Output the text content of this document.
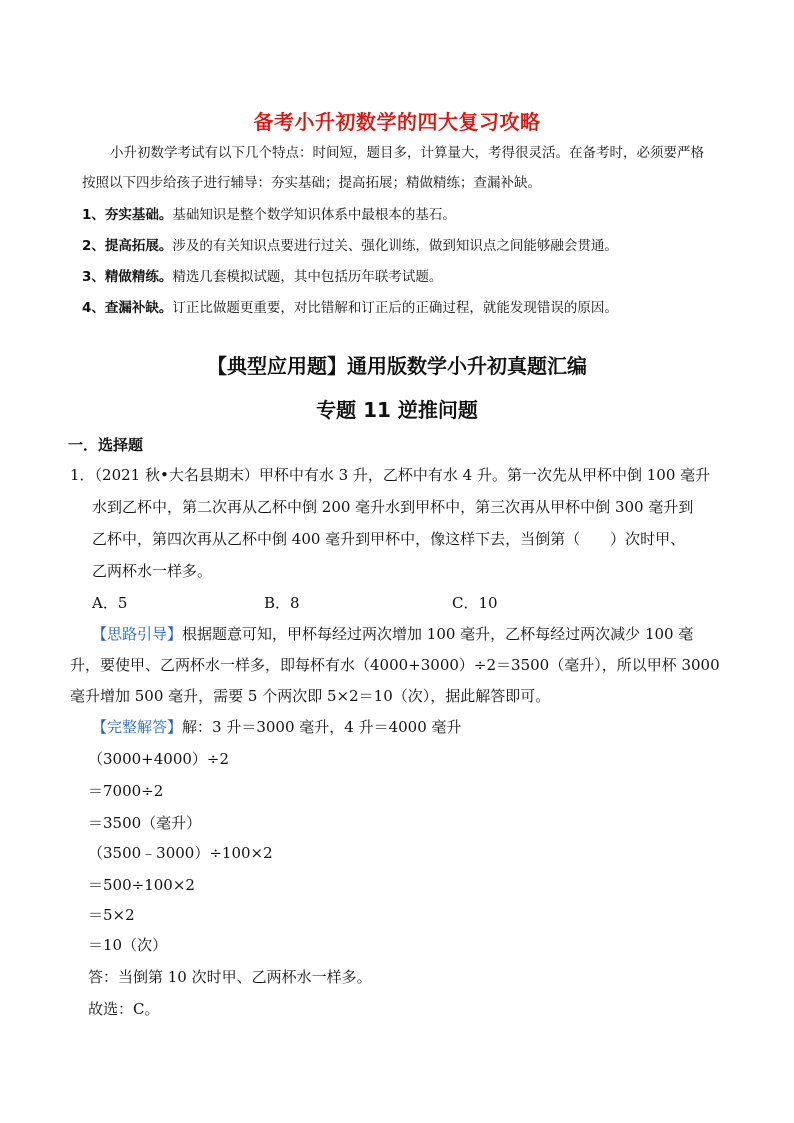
备考小升初数学的四大复习攻略
小升初数学考试有以下几个特点：时间短，题目多，计算量大，考得很灵活。在备考时，必须要严格
按照以下四步给孩子进行辅导：夯实基础；提高拓展；精做精练；查漏补缺。
1、夯实基础。基础知识是整个数学知识体系中最根本的基石。
2、提高拓展。涉及的有关知识点要进行过关、强化训练，做到知识点之间能够融会贯通。
3、精做精练。精选几套模拟试题，其中包括历年联考试题。
4、查漏补缺。订正比做题更重要，对比错解和订正后的正确过程，就能发现错误的原因。
【典型应用题】通用版数学小升初真题汇编
专题 11 逆推问题
一．选择题
1．（2021 秋•大名县期末）甲杯中有水 3 升，乙杯中有水 4 升。第一次先从甲杯中倒 100 毫升
水到乙杯中，第二次再从乙杯中倒 200 毫升水到甲杯中，第三次再从甲杯中倒 300 毫升到
乙杯中，第四次再从乙杯中倒 400 毫升到甲杯中，像这样下去，当倒第（　　）次时甲、
乙两杯水一样多。
A．5	B．8	C．10
【思路引导】根据题意可知，甲杯每经过两次增加 100 毫升，乙杯每经过两次减少 100 毫
升，要使甲、乙两杯水一样多，即每杯有水（4000+3000）÷2＝3500（毫升），所以甲杯 3000
毫升增加 500 毫升，需要 5 个两次即 5×2＝10（次），据此解答即可。
【完整解答】解：3 升＝3000 毫升，4 升＝4000 毫升
（3000+4000）÷2
＝7000÷2
＝3500（毫升）
（3500﹣3000）÷100×2
＝500÷100×2
＝5×2
＝10（次）
答：当倒第 10 次时甲、乙两杯水一样多。
故选：C。
